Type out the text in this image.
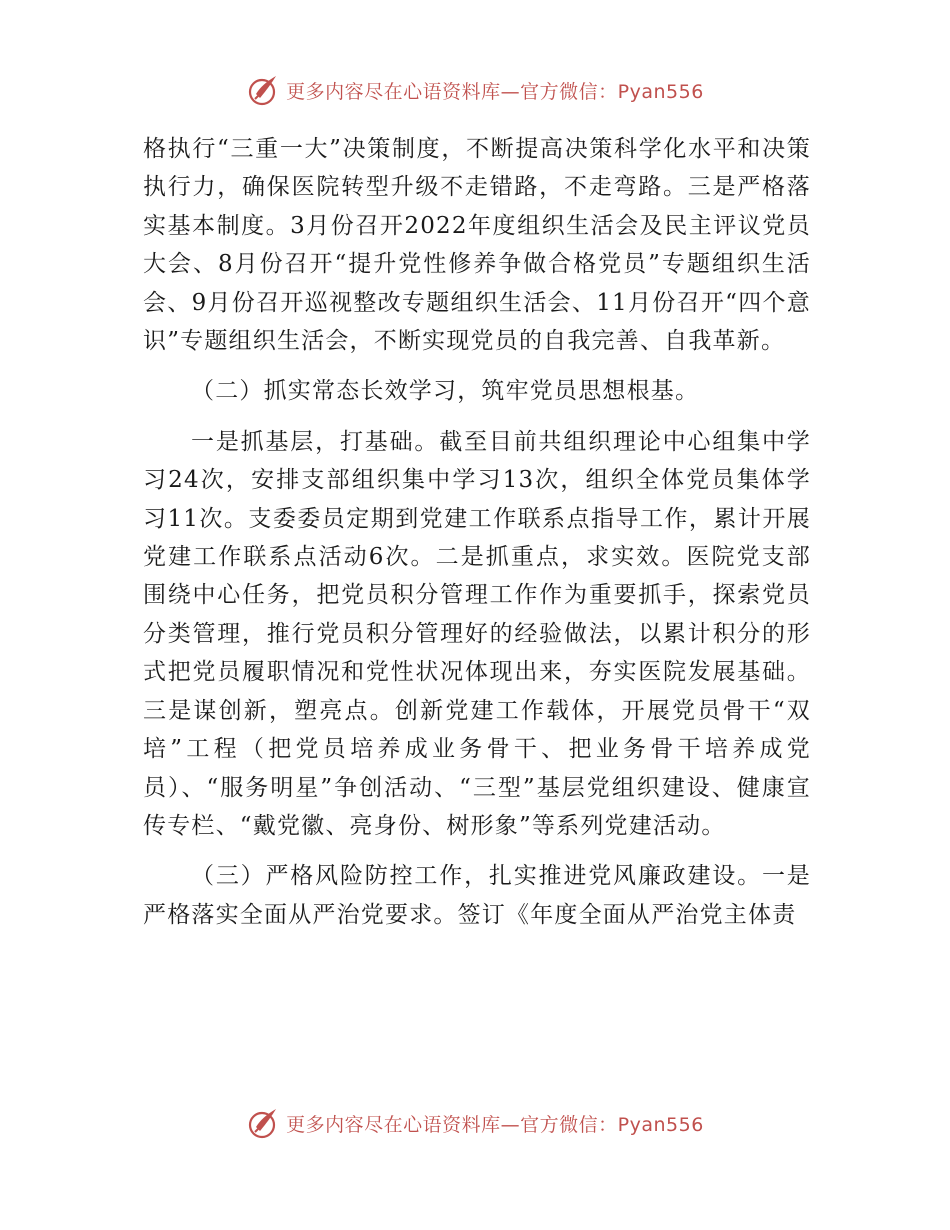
更多内容尽在心语资料库—官方微信：Pyan556

格执行“三重一大”决策制度，不断提高决策科学化水平和决策执行力，确保医院转型升级不走错路，不走弯路。三是严格落实基本制度。3月份召开2022年度组织生活会及民主评议党员大会、8月份召开“提升党性修养争做合格党员”专题组织生活会、9月份召开巡视整改专题组织生活会、11月份召开“四个意识”专题组织生活会，不断实现党员的自我完善、自我革新。

（二）抓实常态长效学习，筑牢党员思想根基。

一是抓基层，打基础。截至目前共组织理论中心组集中学习24次，安排支部组织集中学习13次，组织全体党员集体学习11次。支委委员定期到党建工作联系点指导工作，累计开展党建工作联系点活动6次。二是抓重点，求实效。医院党支部围绕中心任务，把党员积分管理工作作为重要抓手，探索党员分类管理，推行党员积分管理好的经验做法，以累计积分的形式把党员履职情况和党性状况体现出来，夯实医院发展基础。三是谋创新，塑亮点。创新党建工作载体，开展党员骨干“双培”工程（把党员培养成业务骨干、把业务骨干培养成党员）、“服务明星”争创活动、“三型”基层党组织建设、健康宣传专栏、“戴党徽、亮身份、树形象”等系列党建活动。

（三）严格风险防控工作，扎实推进党风廉政建设。一是严格落实全面从严治党要求。签订《年度全面从严治党主体责

更多内容尽在心语资料库—官方微信：Pyan556
